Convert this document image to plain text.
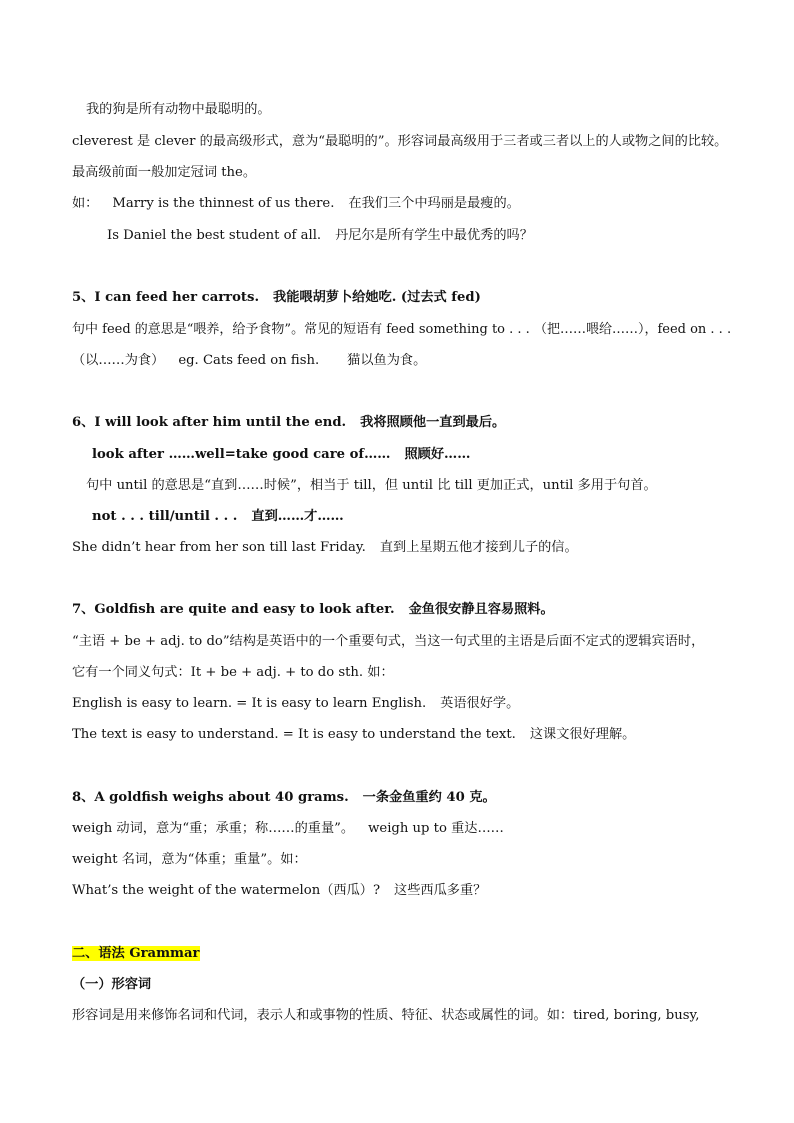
我的狗是所有动物中最聪明的。
cleverest 是 clever 的最高级形式，意为“最聪明的”。形容词最高级用于三者或三者以上的人或物之间的比较。
最高级前面一般加定冠词 the。
如： Marry is the thinnest of us there. 在我们三个中玛丽是最瘦的。
Is Daniel the best student of all. 丹尼尔是所有学生中最优秀的吗？
5、I can feed her carrots. 我能喂胡萝卜给她吃. (过去式 fed)
句中 feed 的意思是“喂养，给予食物”。常见的短语有 feed something to . . . （把……喂给……），feed on . . .
（以……为食） eg. Cats feed on fish. 猫以鱼为食。
6、I will look after him until the end. 我将照顾他一直到最后。
look after ……well=take good care of…… 照顾好……
句中 until 的意思是“直到……时候”，相当于 till，但 until 比 till 更加正式，until 多用于句首。
not . . . till/until . . . 直到……才……
She didn’t hear from her son till last Friday. 直到上星期五他才接到儿子的信。
7、Goldfish are quite and easy to look after. 金鱼很安静且容易照料。
“主语 + be + adj. to do”结构是英语中的一个重要句式，当这一句式里的主语是后面不定式的逻辑宾语时，
它有一个同义句式：It + be + adj. + to do sth. 如：
English is easy to learn. = It is easy to learn English. 英语很好学。
The text is easy to understand. = It is easy to understand the text. 这课文很好理解。
8、A goldfish weighs about 40 grams. 一条金鱼重约 40 克。
weigh 动词，意为“重；承重；称……的重量”。 weigh up to 重达……
weight 名词，意为“体重；重量”。如：
What’s the weight of the watermelon（西瓜）? 这些西瓜多重？
二、语法 Grammar
（一）形容词
形容词是用来修饰名词和代词，表示人和或事物的性质、特征、状态或属性的词。如：tired, boring, busy,
